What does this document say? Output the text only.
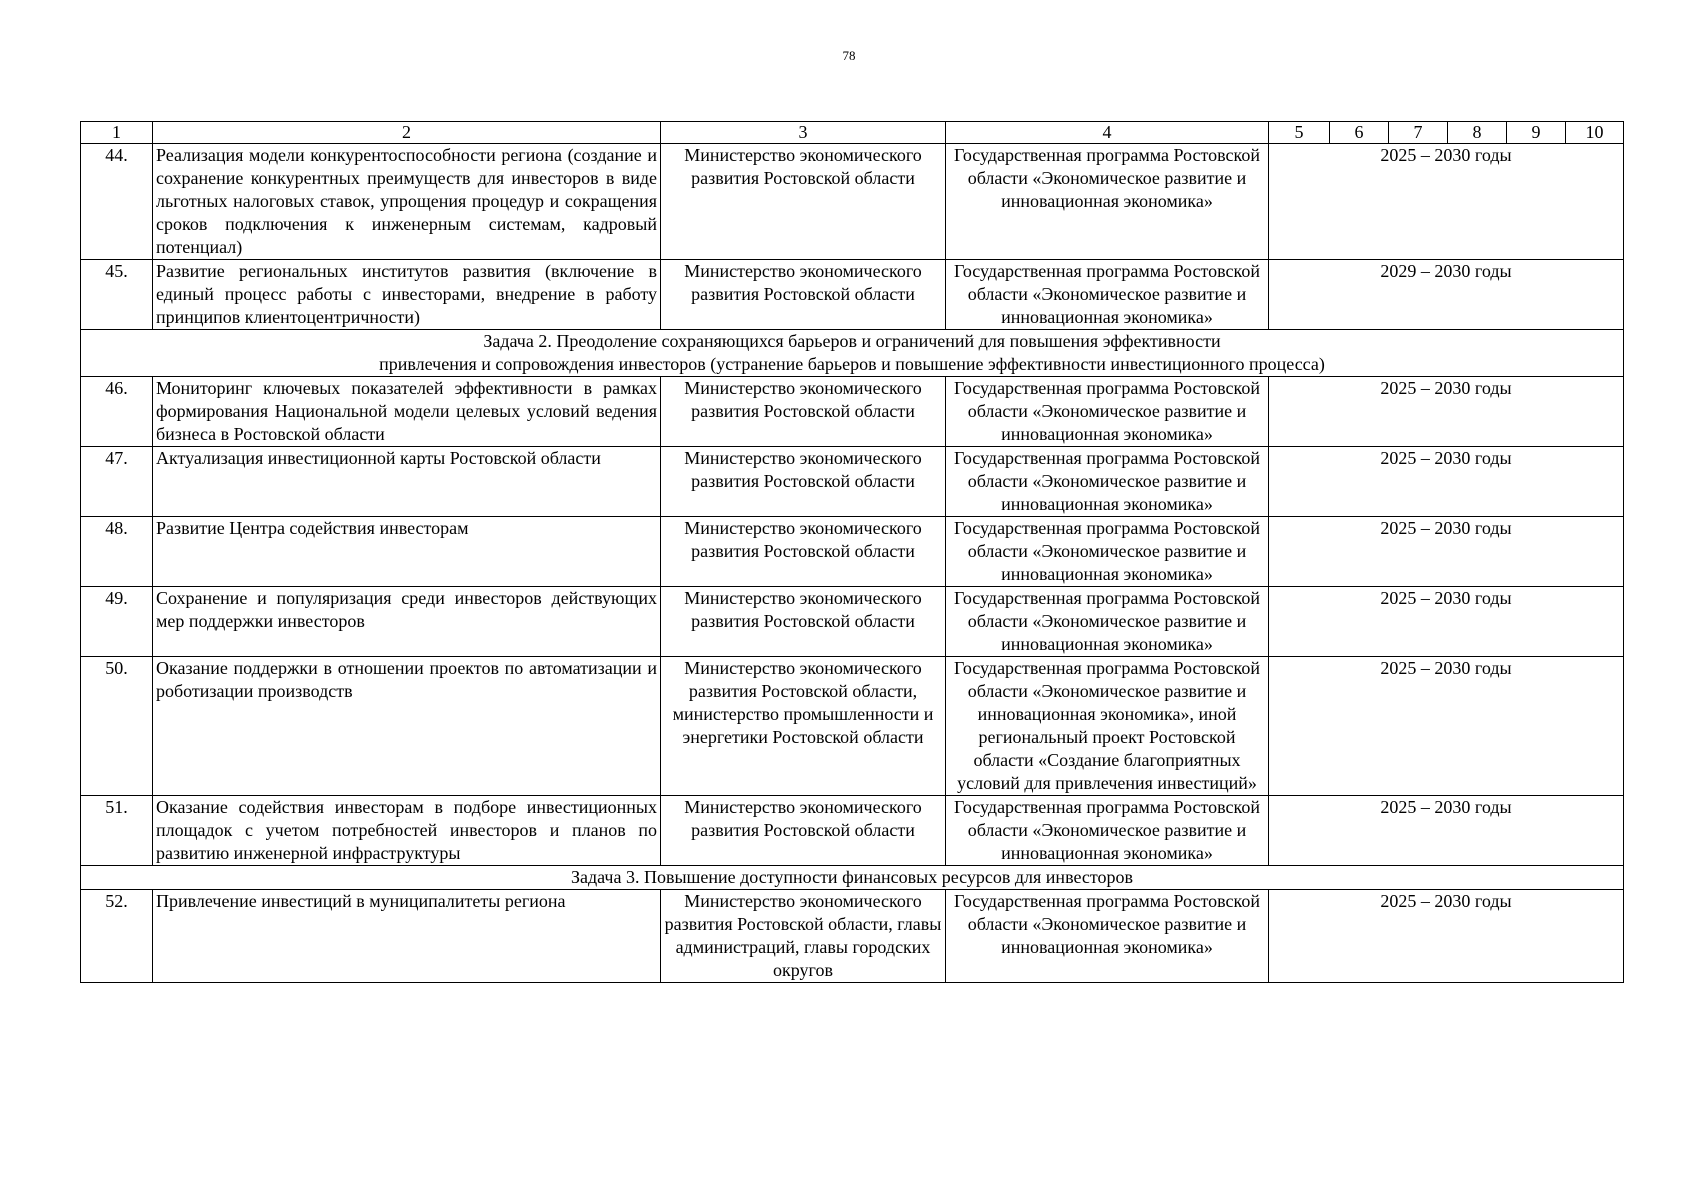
78
1	2	3	4	5	6	7	8	9	10
44.	Реализация модели конкурентоспособности региона (создание и сохранение конкурентных преимуществ для инвесторов в виде льготных налоговых ставок, упрощения процедур и сокращения сроков подключения к инженерным системам, кадровый потенциал)	Министерство экономического развития Ростовской области	Государственная программа Ростовской области «Экономическое развитие и инновационная экономика»	2025 – 2030 годы					
45.	Развитие региональных институтов развития (включение в единый процесс работы с инвесторами, внедрение в работу принципов клиентоцентричности)	Министерство экономического развития Ростовской области	Государственная программа Ростовской области «Экономическое развитие и инновационная экономика»	2029 – 2030 годы					

Задача 2. Преодоление сохраняющихся барьеров и ограничений для повышения эффективности
привлечения и сопровождения инвесторов (устранение барьеров и повышение эффективности инвестиционного процесса)									

46.	Мониторинг ключевых показателей эффективности в рамках формирования Национальной модели целевых условий ведения бизнеса в Ростовской области	Министерство экономического развития Ростовской области	Государственная программа Ростовской области «Экономическое развитие и инновационная экономика»	2025 – 2030 годы					
47.	Актуализация инвестиционной карты Ростовской области	Министерство экономического развития Ростовской области	Государственная программа Ростовской области «Экономическое развитие и инновационная экономика»	2025 – 2030 годы					
48.	Развитие Центра содействия инвесторам	Министерство экономического развития Ростовской области	Государственная программа Ростовской области «Экономическое развитие и инновационная экономика»	2025 – 2030 годы					
49.	Сохранение и популяризация среди инвесторов действующих мер поддержки инвесторов	Министерство экономического развития Ростовской области	Государственная программа Ростовской области «Экономическое развитие и инновационная экономика»	2025 – 2030 годы					
50.	Оказание поддержки в отношении проектов по автоматизации и роботизации производств	Министерство экономического развития Ростовской области, министерство промышленности и энергетики Ростовской области	Государственная программа Ростовской области «Экономическое развитие и инновационная экономика», иной региональный проект Ростовской области «Создание благоприятных условий для привлечения инвестиций»	2025 – 2030 годы					
51.	Оказание содействия инвесторам в подборе инвестиционных площадок с учетом потребностей инвесторов и планов по развитию инженерной инфраструктуры	Министерство экономического развития Ростовской области	Государственная программа Ростовской области «Экономическое развитие и инновационная экономика»	2025 – 2030 годы					

Задача 3. Повышение доступности финансовых ресурсов для инвесторов									

52.	Привлечение инвестиций в муниципалитеты региона	Министерство экономического развития Ростовской области, главы администраций, главы городских округов	Государственная программа Ростовской области «Экономическое развитие и инновационная экономика»	2025 – 2030 годы					
